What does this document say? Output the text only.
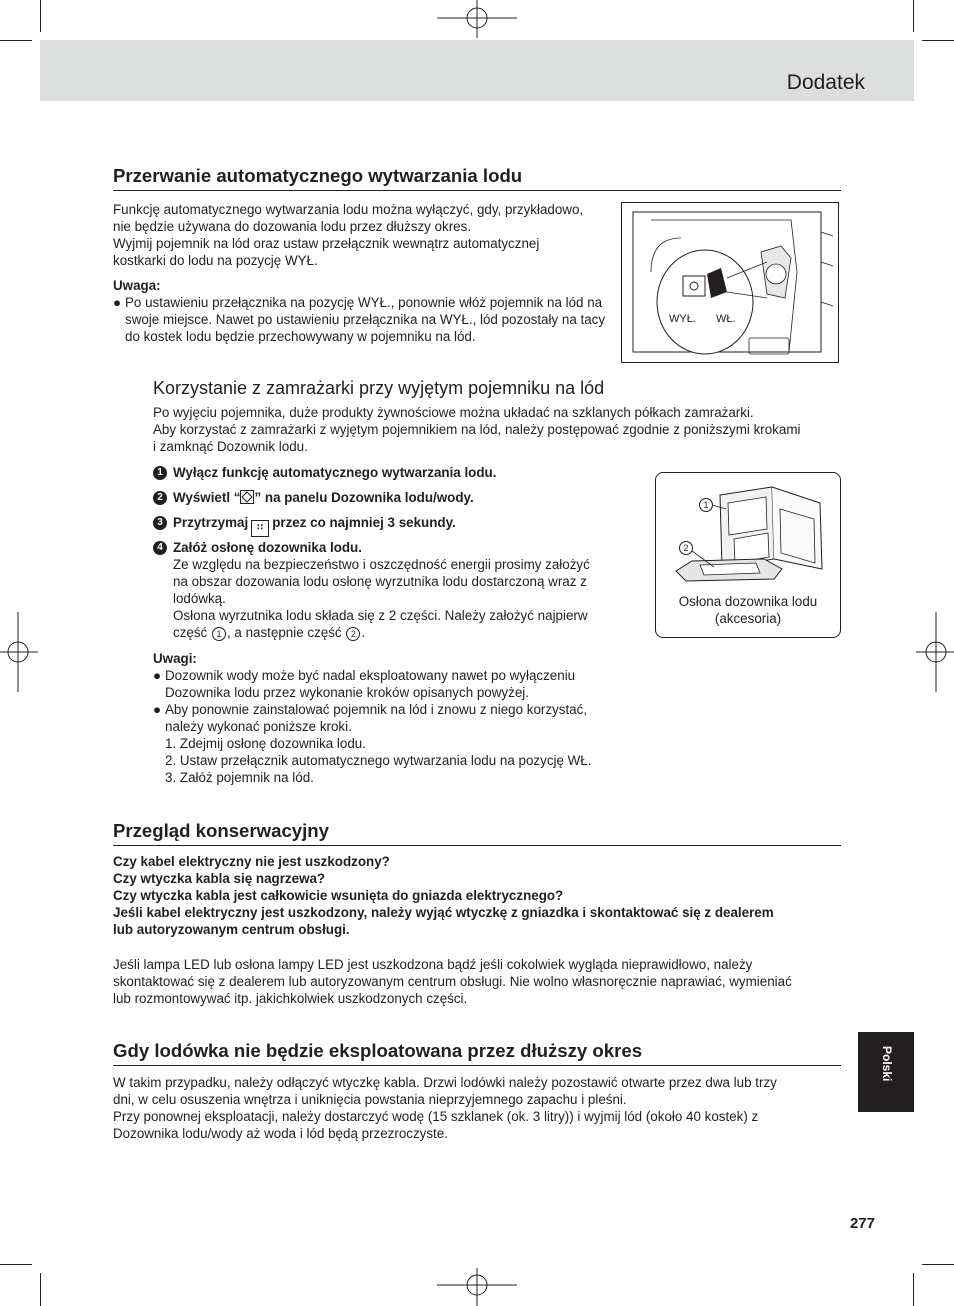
Dodatek
Przerwanie automatycznego wytwarzania lodu

Funkcję automatycznego wytwarzania lodu można wyłączyć, gdy, przykładowo,
nie będzie używana do dozowania lodu przez dłuższy okres.
Wyjmij pojemnik na lód oraz ustaw przełącznik wewnątrz automatycznej
kostkarki do lodu na pozycję WYŁ.

Uwaga:
● Po ustawieniu przełącznika na pozycję WYŁ., ponownie włóż pojemnik na lód na swoje miejsce. Nawet po ustawieniu przełącznika na WYŁ., lód pozostały na tacy do kostek lodu będzie przechowywany w pojemniku na lód.
WYŁ. WŁ.
Korzystanie z zamrażarki przy wyjętym pojemniku na lód

Po wyjęciu pojemnika, duże produkty żywnościowe można układać na szklanych półkach zamrażarki.
Aby korzystać z zamrażarki z wyjętym pojemnikiem na lód, należy postępować zgodnie z poniższymi krokami
i zamknąć Dozownik lodu.

1 Wyłącz funkcję automatycznego wytwarzania lodu.
2 Wyświetl “ ” na panelu Dozownika lodu/wody.
3 Przytrzymaj ∷ przez co najmniej 3 sekundy.
4 Załóż osłonę dozownika lodu.
Ze względu na bezpieczeństwo i oszczędność energii prosimy założyć
na obszar dozowania lodu osłonę wyrzutnika lodu dostarczoną wraz z
lodówką.
Osłona wyrzutnika lodu składa się z 2 części. Należy założyć najpierw
część 1 , a następnie część 2 .
1
2
Osłona dozownika lodu
(akcesoria)
Uwagi:
● Dozownik wody może być nadal eksploatowany nawet po wyłączeniu Dozownika lodu przez wykonanie kroków opisanych powyżej.
● Aby ponownie zainstalować pojemnik na lód i znowu z niego korzystać, należy wykonać poniższe kroki.
1. Zdejmij osłonę dozownika lodu.
2. Ustaw przełącznik automatycznego wytwarzania lodu na pozycję WŁ.
3. Załóż pojemnik na lód.
Przegląd konserwacyjny

Czy kabel elektryczny nie jest uszkodzony?
Czy wtyczka kabla się nagrzewa?
Czy wtyczka kabla jest całkowicie wsunięta do gniazda elektrycznego?
Jeśli kabel elektryczny jest uszkodzony, należy wyjąć wtyczkę z gniazdka i skontaktować się z dealerem
lub autoryzowanym centrum obsługi.

Jeśli lampa LED lub osłona lampy LED jest uszkodzona bądź jeśli cokolwiek wygląda nieprawidłowo, należy
skontaktować się z dealerem lub autoryzowanym centrum obsługi. Nie wolno własnoręcznie naprawiać, wymieniać
lub rozmontowywać itp. jakichkolwiek uszkodzonych części.

Gdy lodówka nie będzie eksploatowana przez dłuższy okres

W takim przypadku, należy odłączyć wtyczkę kabla. Drzwi lodówki należy pozostawić otwarte przez dwa lub trzy
dni, w celu osuszenia wnętrza i uniknięcia powstania nieprzyjemnego zapachu i pleśni.
Przy ponownej eksploatacji, należy dostarczyć wodę (15 szklanek (ok. 3 litry)) i wyjmij lód (około 40 kostek) z
Dozownika lodu/wody aż woda i lód będą przezroczyste.

Polski
277
